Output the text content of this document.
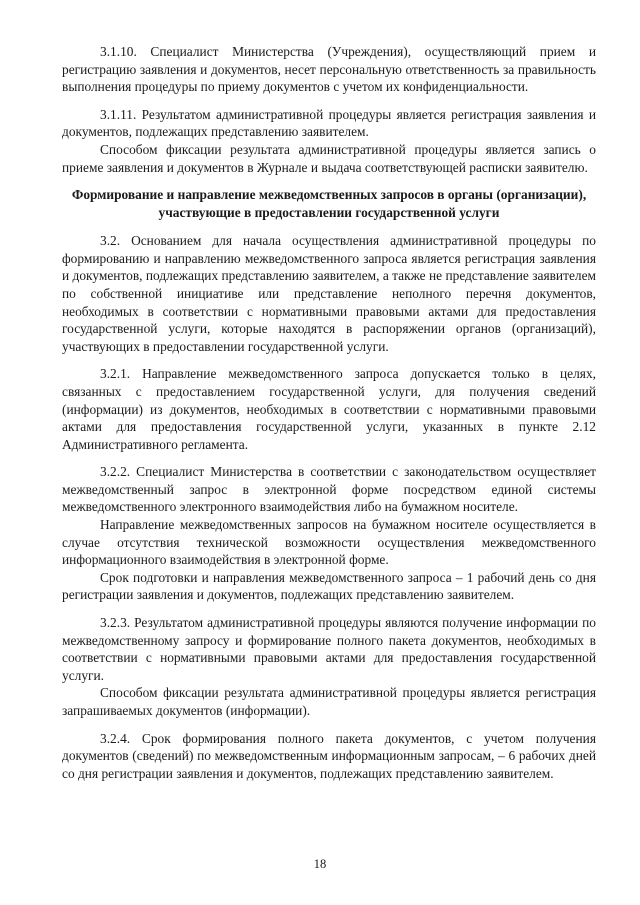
3.1.10. Специалист Министерства (Учреждения), осуществляющий прием и регистрацию заявления и документов, несет персональную ответственность за правильность выполнения процедуры по приему документов с учетом их конфиденциальности.

3.1.11. Результатом административной процедуры является регистрация заявления и документов, подлежащих представлению заявителем.

Способом фиксации результата административной процедуры является запись о приеме заявления и документов в Журнале и выдача соответствующей расписки заявителю.

Формирование и направление межведомственных запросов в органы (организации), участвующие в предоставлении государственной услуги

3.2. Основанием для начала осуществления административной процедуры по формированию и направлению межведомственного запроса является регистрация заявления и документов, подлежащих представлению заявителем, а также не представление заявителем по собственной инициативе или представление неполного перечня документов, необходимых в соответствии с нормативными правовыми актами для предоставления государственной услуги, которые находятся в распоряжении органов (организаций), участвующих в предоставлении государственной услуги.

3.2.1. Направление межведомственного запроса допускается только в целях, связанных с предоставлением государственной услуги, для получения сведений (информации) из документов, необходимых в соответствии с нормативными правовыми актами для предоставления государственной услуги, указанных в пункте 2.12 Административного регламента.

3.2.2. Специалист Министерства в соответствии с законодательством осуществляет межведомственный запрос в электронной форме посредством единой системы межведомственного электронного взаимодействия либо на бумажном носителе.

Направление межведомственных запросов на бумажном носителе осуществляется в случае отсутствия технической возможности осуществления межведомственного информационного взаимодействия в электронной форме.

Срок подготовки и направления межведомственного запроса – 1 рабочий день со дня регистрации заявления и документов, подлежащих представлению заявителем.

3.2.3. Результатом административной процедуры являются получение информации по межведомственному запросу и формирование полного пакета документов, необходимых в соответствии с нормативными правовыми актами для предоставления государственной услуги.

Способом фиксации результата административной процедуры является регистрация запрашиваемых документов (информации).

3.2.4. Срок формирования полного пакета документов, с учетом получения документов (сведений) по межведомственным информационным запросам, – 6 рабочих дней со дня регистрации заявления и документов, подлежащих представлению заявителем.

18
